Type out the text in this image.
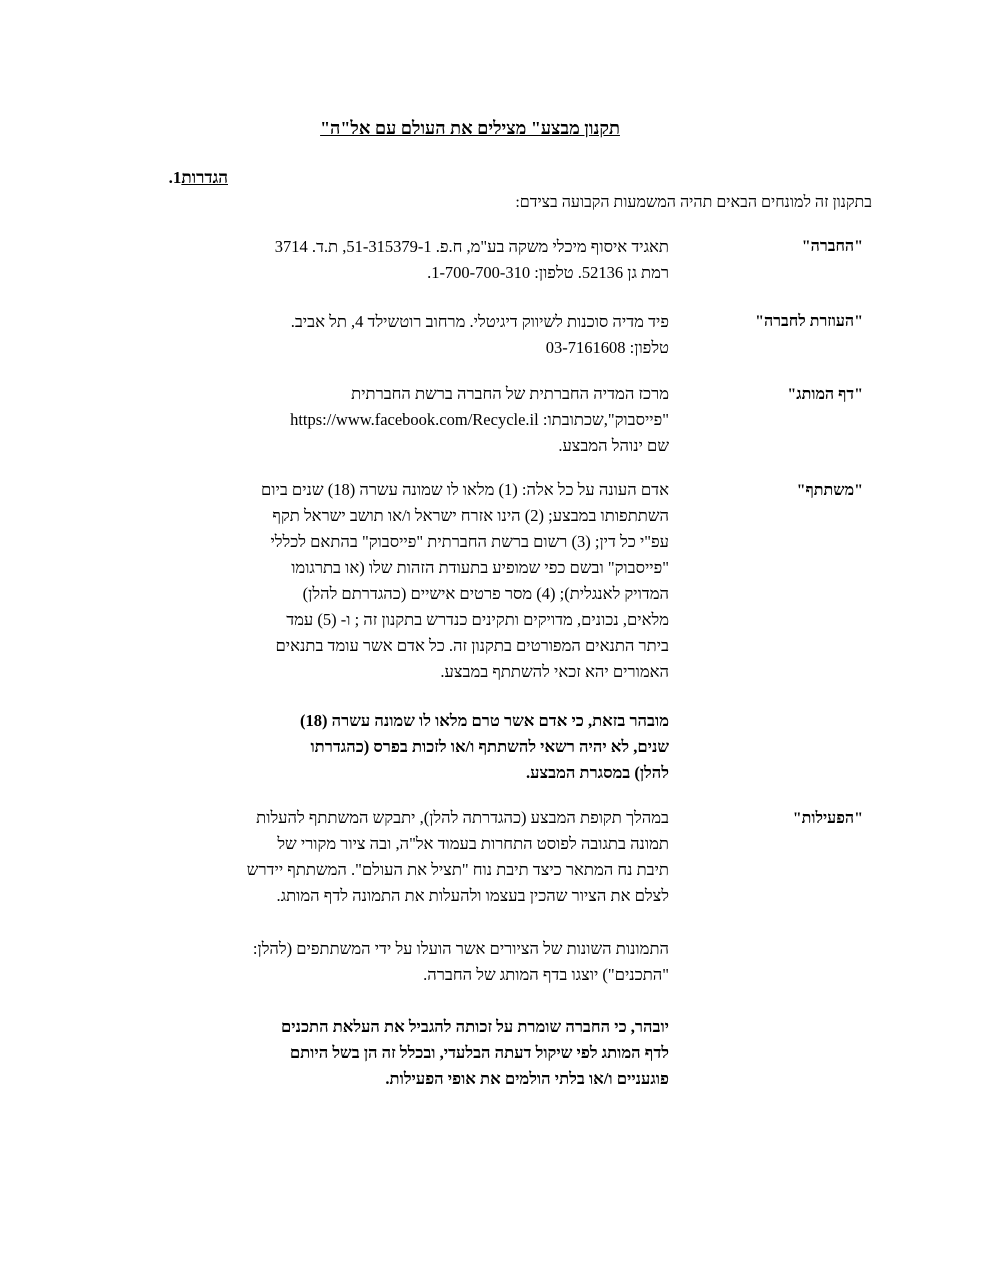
תקנון מבצע" מצילים את העולם עם אל"ה"
הגדרות1.
בתקנון זה למונחים הבאים תהיה המשמעות הקבועה בצידם:
"החברה"
תאגיד איסוף מיכלי משקה בע"מ, ח.פ. 51-315379-1, ת.ד. 3714
רמת גן 52136. טלפון: 1-700-700-310.
"העוזרת לחברה"
פיד מדיה סוכנות לשיווק דיגיטלי. מרחוב רוטשילד 4, תל אביב.
טלפון: 03-7161608
"דף המותג"
מרכז המדיה החברתית של החברה ברשת החברתית
"פייסבוק",שכתובתו: https://www.facebook.com/Recycle.il
שם ינוהל המבצע.
"משתתף"
אדם העונה על כל אלה: (1) מלאו לו שמונה עשרה (18) שנים ביום
השתתפותו במבצע; (2) הינו אזרח ישראל ו/או תושב ישראל תקף
עפ"י כל דין; (3) רשום ברשת החברתית "פייסבוק" בהתאם לכללי
"פייסבוק" ובשם כפי שמופיע בתעודת הזהות שלו (או בתרגומו
המדויק לאנגלית); (4) מסר פרטים אישיים (כהגדרתם להלן)
מלאים, נכונים, מדויקים ותקינים כנדרש בתקנון זה ; ו- (5) עמד
ביתר התנאים המפורטים בתקנון זה. כל אדם אשר עומד בתנאים
האמורים יהא זכאי להשתתף במבצע.
מובהר בזאת, כי אדם אשר טרם מלאו לו שמונה עשרה (18)
שנים, לא יהיה רשאי להשתתף ו/או לזכות בפרס (כהגדרתו
להלן) במסגרת המבצע.
"הפעילות"
במהלך תקופת המבצע (כהגדרתה להלן), יתבקש המשתתף להעלות
תמונה בתגובה לפוסט התחרות בעמוד אל"ה, ובה ציור מקורי של
תיבת נח המתאר כיצד תיבת נוח "תציל את העולם". המשתתף יידרש
לצלם את הציור שהכין בעצמו ולהעלות את התמונה לדף המותג.
התמונות השונות של הציורים אשר הועלו על ידי המשתתפים (להלן:
"התכנים") יוצגו בדף המותג של החברה.
יובהר, כי החברה שומרת על זכותה להגביל את העלאת התכנים
לדף המותג לפי שיקול דעתה הבלעדי, ובכלל זה הן בשל היותם
פוגעניים ו/או בלתי הולמים את אופי הפעילות.
